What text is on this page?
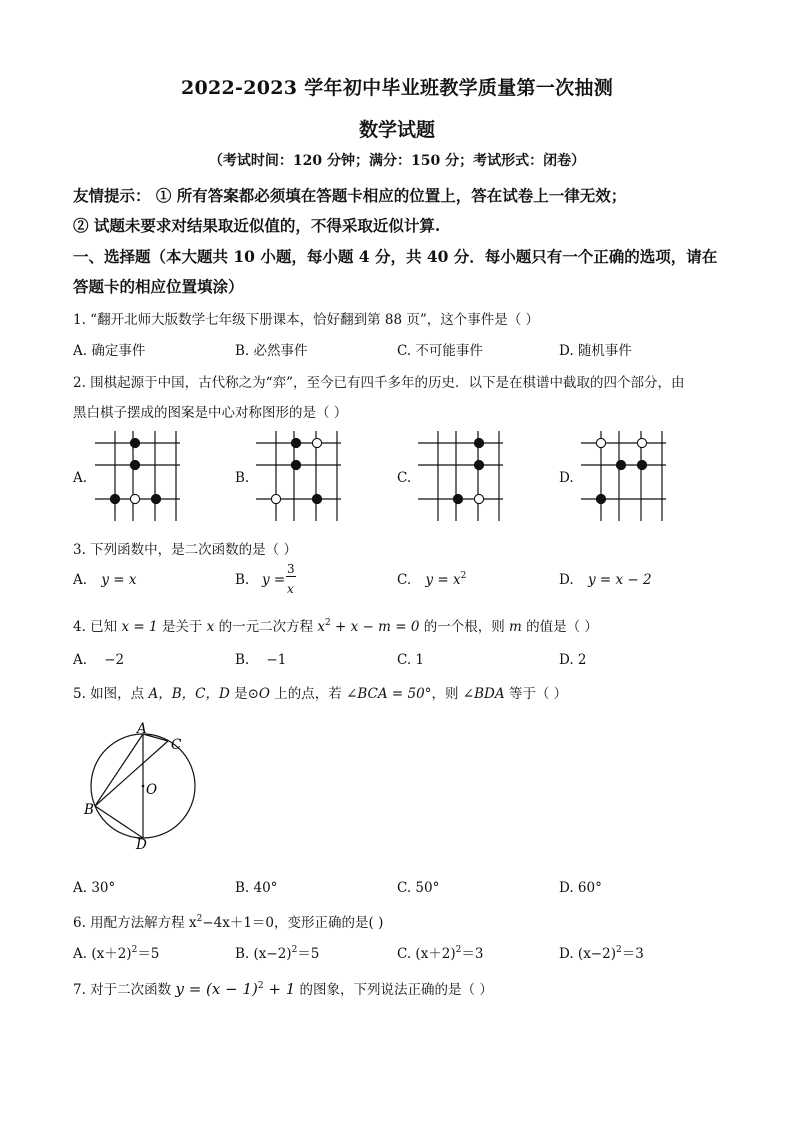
2022-2023 学年初中毕业班教学质量第一次抽测
数学试题
（考试时间：120 分钟；满分：150 分；考试形式：闭卷）
友情提示： ① 所有答案都必须填在答题卡相应的位置上，答在试卷上一律无效；
② 试题未要求对结果取近似值的，不得采取近似计算.
一、选择题（本大题共 10 小题，每小题 4 分，共 40 分．每小题只有一个正确的选项，请在
答题卡的相应位置填涂）
1. “翻开北师大版数学七年级下册课本，恰好翻到第 88 页”，这个事件是（ ）
A. 确定事件	B. 必然事件	C. 不可能事件	D. 随机事件
2. 围棋起源于中国，古代称之为“弈”，至今已有四千多年的历史．以下是在棋谱中截取的四个部分，由
黑白棋子摆成的图案是中心对称图形的是（ ）
A.	B.	C.	D.
3. 下列函数中，是二次函数的是（ ）
A. y = x	B. y =
3
x
C. $y = x^2$	D. y = x − 2
4. 已知 x = 1 是关于 x 的一元二次方程 $x^2 + x - m = 0$ 的一个根，则 m 的值是（ ）
A.    −2	B.    −1	C. 1	D. 2
5. 如图，点 A，B，C，D 是⊙O 上的点，若 ∠BCA = 50°，则 ∠BDA 等于（ ）
A
C
O
B
D
A. 30°	B. 40°	C. 50°	D. 60°
6. 用配方法解方程 $x^2-4x+1=0$，变形正确的是( )
A. $(x+2)^2=5$	B. $(x-2)^2=5$	C. $(x+2)^2=3$	D. $(x-2)^2=3$
7. 对于二次函数 $y = (x - 1)^2 + 1$ 的图象，下列说法正确的是（ ）
